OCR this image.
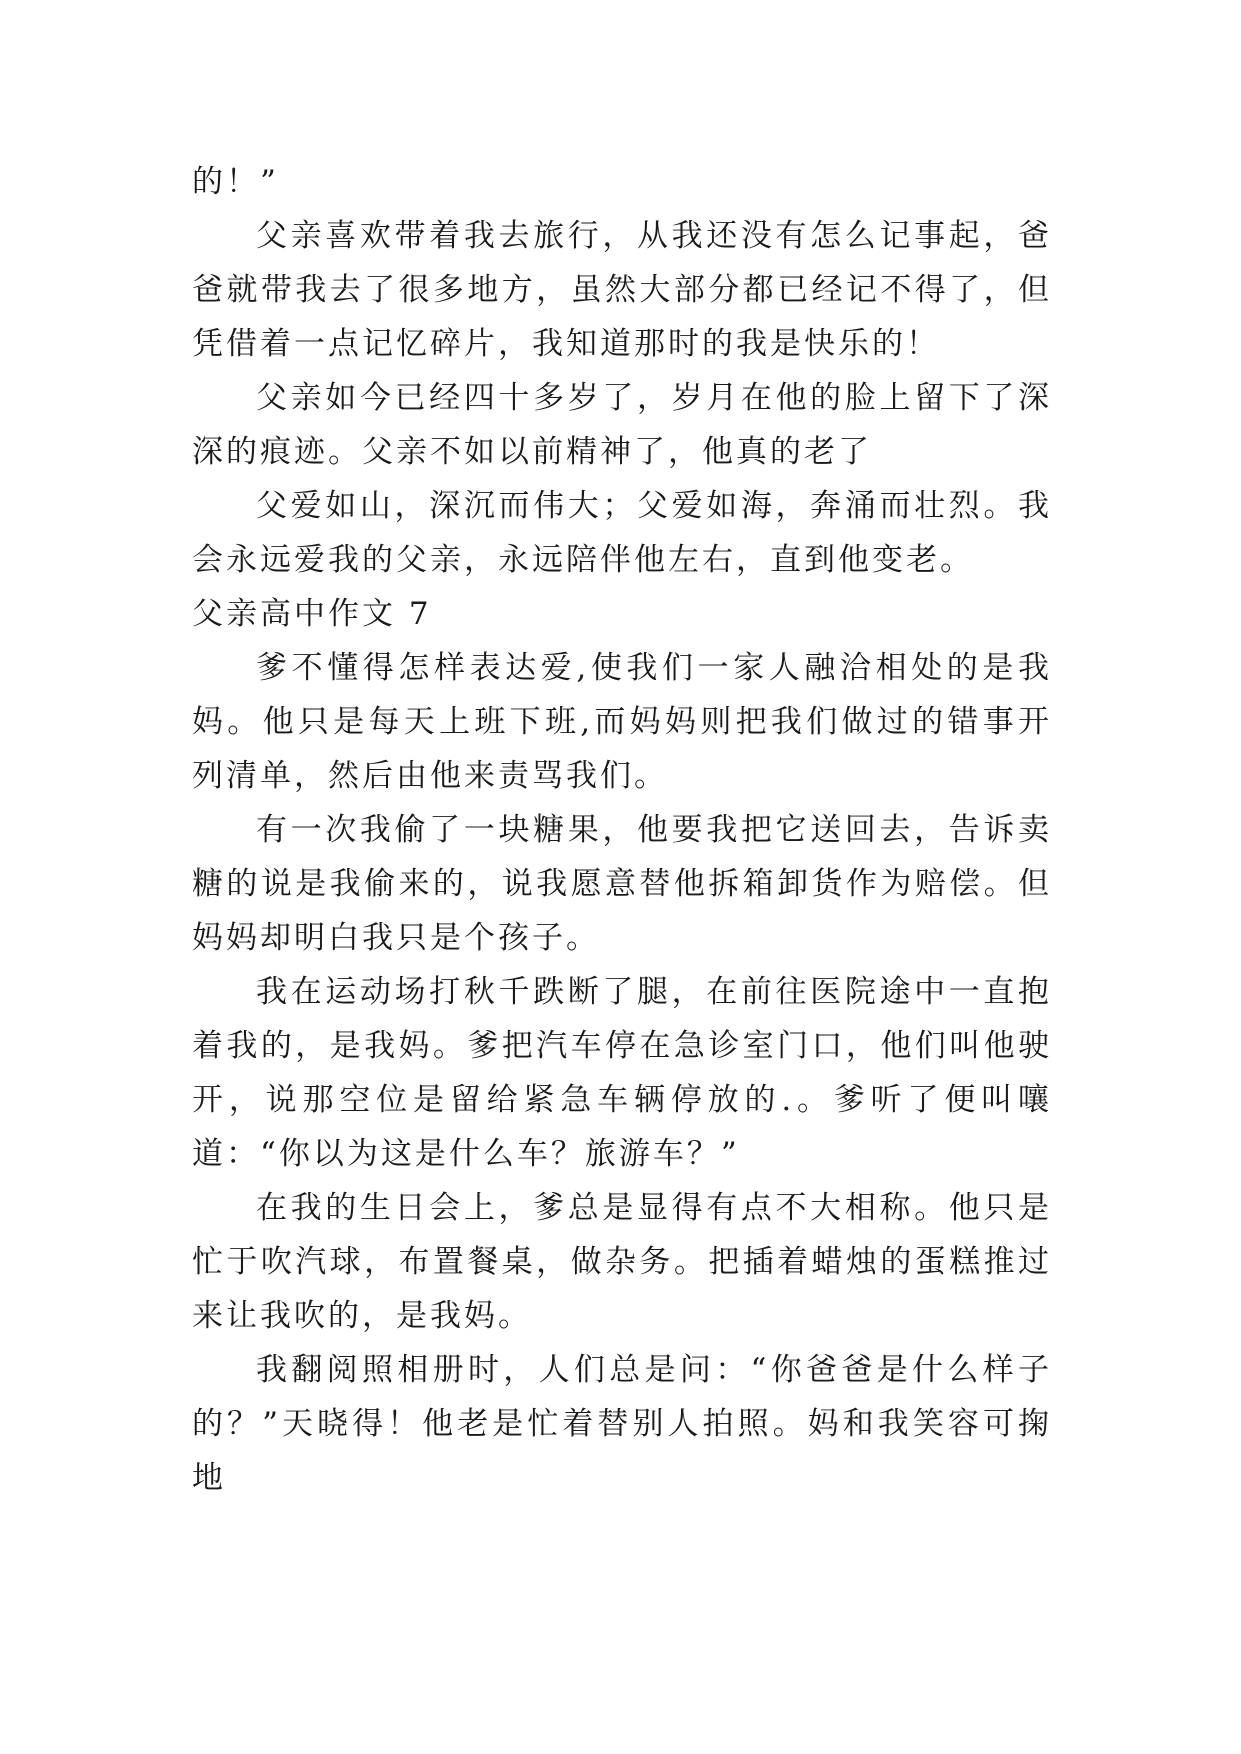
的！”

父亲喜欢带着我去旅行，从我还没有怎么记事起，爸爸就带我去了很多地方，虽然大部分都已经记不得了，但凭借着一点记忆碎片，我知道那时的我是快乐的！

父亲如今已经四十多岁了，岁月在他的脸上留下了深深的痕迹。父亲不如以前精神了，他真的老了

父爱如山，深沉而伟大；父爱如海，奔涌而壮烈。我会永远爱我的父亲，永远陪伴他左右，直到他变老。

父亲高中作文 7

爹不懂得怎样表达爱,使我们一家人融洽相处的是我妈。他只是每天上班下班,而妈妈则把我们做过的错事开列清单，然后由他来责骂我们。

有一次我偷了一块糖果，他要我把它送回去，告诉卖糖的说是我偷来的，说我愿意替他拆箱卸货作为赔偿。但妈妈却明白我只是个孩子。

我在运动场打秋千跌断了腿，在前往医院途中一直抱着我的，是我妈。爹把汽车停在急诊室门口，他们叫他驶开，说那空位是留给紧急车辆停放的.。爹听了便叫嚷道：“你以为这是什么车？旅游车？”

在我的生日会上，爹总是显得有点不大相称。他只是忙于吹汽球，布置餐桌，做杂务。把插着蜡烛的蛋糕推过来让我吹的，是我妈。

我翻阅照相册时，人们总是问：“你爸爸是什么样子的？”天晓得！他老是忙着替别人拍照。妈和我笑容可掬地
